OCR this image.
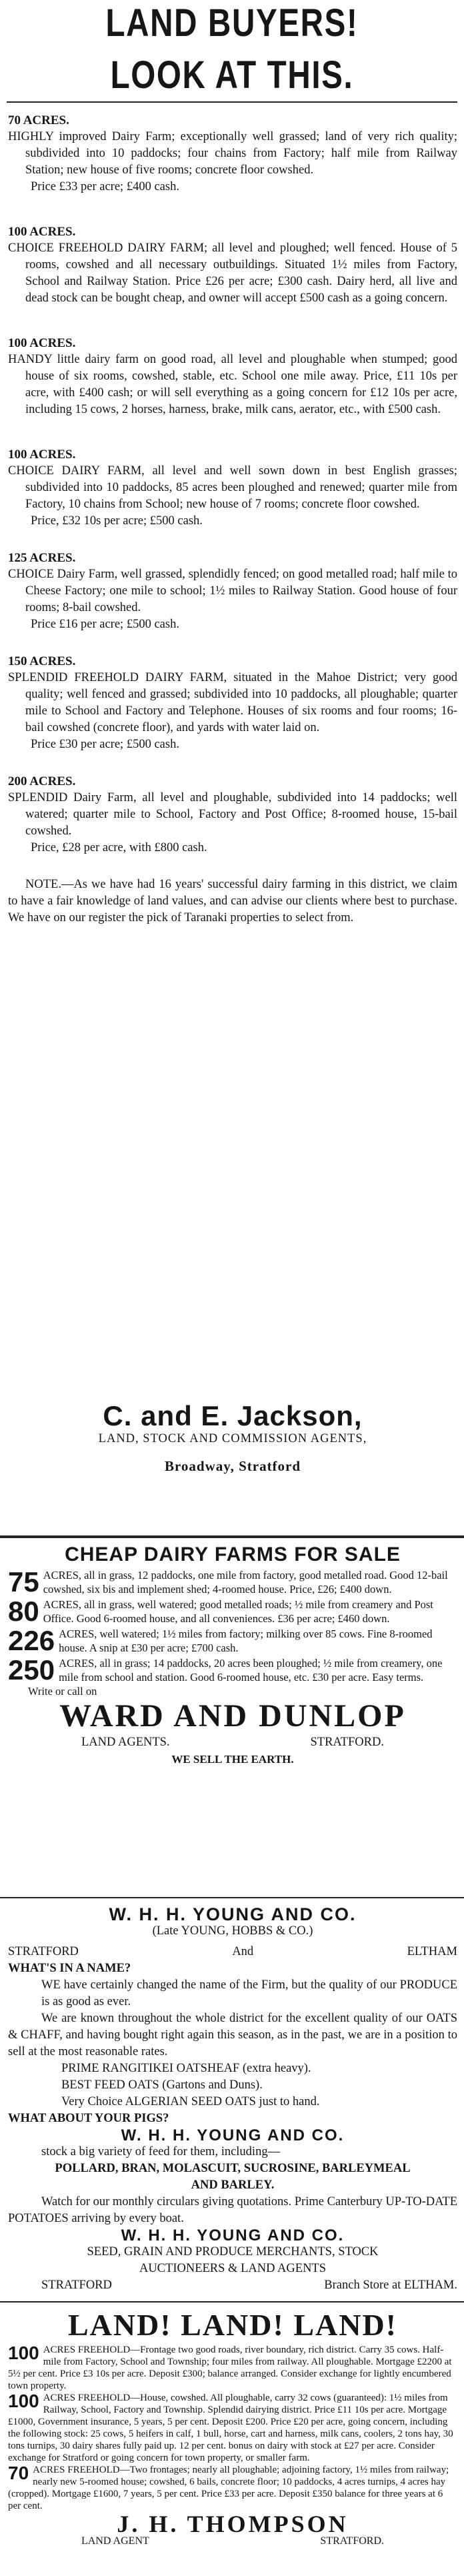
LAND BUYERS!
LOOK AT THIS.

70 ACRES.

HIGHLY improved Dairy Farm; exceptionally well grassed; land of very rich quality; subdivided into 10 paddocks; four chains from Factory; half mile from Railway Station; new house of five rooms; concrete floor cowshed.

Price £33 per acre; £400 cash.

100 ACRES.

CHOICE FREEHOLD DAIRY FARM; all level and ploughed; well fenced. House of 5 rooms, cowshed and all necessary outbuildings. Situated 1½ miles from Factory, School and Railway Station. Price £26 per acre; £300 cash. Dairy herd, all live and dead stock can be bought cheap, and owner will accept £500 cash as a going concern.

100 ACRES.

HANDY little dairy farm on good road, all level and ploughable when stumped; good house of six rooms, cowshed, stable, etc. School one mile away. Price, £11 10s per acre, with £400 cash; or will sell everything as a going concern for £12 10s per acre, including 15 cows, 2 horses, harness, brake, milk cans, aerator, etc., with £500 cash.

100 ACRES.

CHOICE DAIRY FARM, all level and well sown down in best English grasses; subdivided into 10 paddocks, 85 acres been ploughed and renewed; quarter mile from Factory, 10 chains from School; new house of 7 rooms; concrete floor cowshed.

Price, £32 10s per acre; £500 cash.

125 ACRES.

CHOICE Dairy Farm, well grassed, splendidly fenced; on good metalled road; half mile to Cheese Factory; one mile to school; 1½ miles to Railway Station. Good house of four rooms; 8-bail cowshed.

Price £16 per acre; £500 cash.

150 ACRES.

SPLENDID FREEHOLD DAIRY FARM, situated in the Mahoe District; very good quality; well fenced and grassed; subdivided into 10 paddocks, all ploughable; quarter mile to School and Factory and Telephone. Houses of six rooms and four rooms; 16-bail cowshed (concrete floor), and yards with water laid on.

Price £30 per acre; £500 cash.

200 ACRES.

SPLENDID Dairy Farm, all level and ploughable, subdivided into 14 paddocks; well watered; quarter mile to School, Factory and Post Office; 8-roomed house, 15-bail cowshed.

Price, £28 per acre, with £800 cash.

NOTE.—As we have had 16 years' successful dairy farming in this district, we claim to have a fair knowledge of land values, and can advise our clients where best to purchase. We have on our register the pick of Taranaki properties to select from.

C. and E. Jackson,
LAND, STOCK AND COMMISSION AGENTS,
Broadway, Stratford
CHEAP DAIRY FARMS FOR SALE
75 ACRES, all in grass, 12 paddocks, one mile from factory, good metalled road. Good 12-bail cowshed, six bis and implement shed; 4-roomed house. Price, £26; £400 down.
80 ACRES, all in grass, well watered; good metalled roads; ½ mile from creamery and Post Office. Good 6-roomed house, and all conveniences. £36 per acre; £460 down.
226 ACRES, well watered; 1½ miles from factory; milking over 85 cows. Fine 8-roomed house. A snip at £30 per acre; £700 cash.
250 ACRES, all in grass; 14 paddocks, 20 acres been ploughed; ½ mile from creamery, one mile from school and station. Good 6-roomed house, etc. £30 per acre. Easy terms.
Write or call on
WARD AND DUNLOP
LAND AGENTS.	STRATFORD.
WE SELL THE EARTH.
W. H. H. YOUNG AND CO.
(Late YOUNG, HOBBS & CO.)
STRATFORD	And	ELTHAM
WHAT'S IN A NAME?
WE have certainly changed the name of the Firm, but the quality of our PRODUCE is as good as ever.
We are known throughout the whole district for the excellent quality of our OATS & CHAFF, and having bought right again this season, as in the past, we are in a position to sell at the most reasonable rates.
PRIME RANGITIKEI OATSHEAF (extra heavy).
BEST FEED OATS (Gartons and Duns).
Very Choice ALGERIAN SEED OATS just to hand.
WHAT ABOUT YOUR PIGS?
W. H. H. YOUNG AND CO.
stock a big variety of feed for them, including—
POLLARD, BRAN, MOLASCUIT, SUCROSINE, BARLEYMEAL AND BARLEY.
Watch for our monthly circulars giving quotations. Prime Canterbury UP-TO-DATE POTATOES arriving by every boat.
W. H. H. YOUNG AND CO.
SEED, GRAIN AND PRODUCE MERCHANTS, STOCK AUCTIONEERS & LAND AGENTS
STRATFORD	Branch Store at ELTHAM.
LAND! LAND! LAND!
100 ACRES FREEHOLD—Frontage two good roads, river boundary, rich district. Carry 35 cows. Half-mile from Factory, School and Township; four miles from railway. All ploughable. Mortgage £2200 at 5½ per cent. Price £3 10s per acre. Deposit £300; balance arranged. Consider exchange for lightly encumbered town property.
100 ACRES FREEHOLD—House, cowshed. All ploughable, carry 32 cows (guaranteed): 1½ miles from Railway, School, Factory and Township. Splendid dairying district. Price £11 10s per acre. Mortgage £1000, Government insurance, 5 years, 5 per cent. Deposit £200. Price £20 per acre, going concern, including the following stock: 25 cows, 5 heifers in calf, 1 bull, horse, cart and harness, milk cans, coolers, 2 tons hay, 30 tons turnips, 30 dairy shares fully paid up. 12 per cent. bonus on dairy with stock at £27 per acre. Consider exchange for Stratford or going concern for town property, or smaller farm.
70 ACRES FREEHOLD—Two frontages; nearly all ploughable; adjoining factory, 1½ miles from railway; nearly new 5-roomed house; cowshed, 6 bails, concrete floor; 10 paddocks, 4 acres turnips, 4 acres hay (cropped). Mortgage £1600, 7 years, 5 per cent. Price £33 per acre. Deposit £350 balance for three years at 6 per cent.
J. H. THOMPSON
LAND AGENT	STRATFORD.
